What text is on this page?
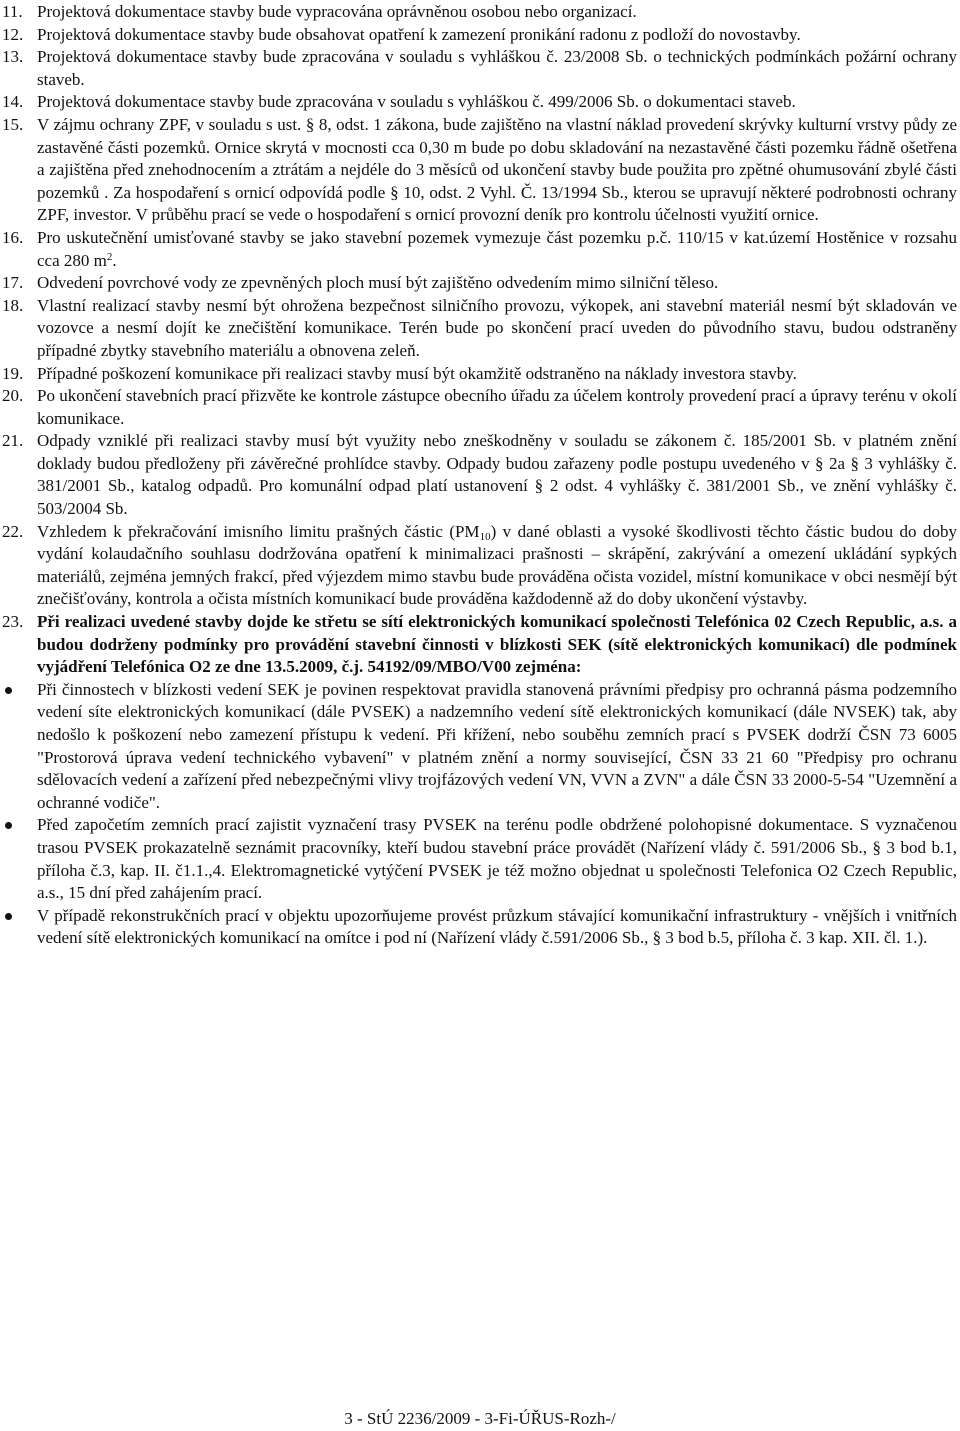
11. Projektová dokumentace stavby bude vypracována oprávněnou osobou nebo organizací.
12. Projektová dokumentace stavby bude obsahovat opatření k zamezení pronikání radonu z podloží do novostavby.
13. Projektová dokumentace stavby bude zpracována v souladu s vyhláškou č. 23/2008 Sb. o technických podmínkách požární ochrany staveb.
14. Projektová dokumentace stavby bude zpracována v souladu s vyhláškou č. 499/2006 Sb. o dokumentaci staveb.
15. V zájmu ochrany ZPF, v souladu s ust. § 8, odst. 1 zákona, bude zajištěno na vlastní náklad provedení skrývky kulturní vrstvy půdy ze zastavěné části pozemků. Ornice skrytá v mocnosti cca 0,30 m bude po dobu skladování na nezastavěné části pozemku řádně ošetřena a zajištěna před znehodnocením a ztrátám a nejdéle do 3 měsíců od ukončení stavby bude použita pro zpětné ohumusování zbylé části pozemků . Za hospodaření s ornicí odpovídá podle § 10, odst. 2 Vyhl. Č. 13/1994 Sb., kterou se upravují některé podrobnosti ochrany ZPF, investor. V průběhu prací se vede o hospodaření s ornicí provozní deník pro kontrolu účelnosti využití ornice.
16. Pro uskutečnění umisťované stavby se jako stavební pozemek vymezuje část pozemku p.č. 110/15 v kat.území Hostěnice v rozsahu cca 280 $m^2$.
17. Odvedení povrchové vody ze zpevněných ploch musí být zajištěno odvedením mimo silniční těleso.
18. Vlastní realizací stavby nesmí být ohrožena bezpečnost silničního provozu, výkopek, ani stavební materiál nesmí být skladován ve vozovce a nesmí dojít ke znečištění komunikace. Terén bude po skončení prací uveden do původního stavu, budou odstraněny případné zbytky stavebního materiálu a obnovena zeleň.
19. Případné poškození komunikace při realizaci stavby musí být okamžitě odstraněno na náklady investora stavby.
20. Po ukončení stavebních prací přizvěte ke kontrole zástupce obecního úřadu za účelem kontroly provedení prací a úpravy terénu v okolí komunikace.
21. Odpady vzniklé při realizaci stavby musí být využity nebo zneškodněny v souladu se zákonem č. 185/2001 Sb. v platném znění doklady budou předloženy při závěrečné prohlídce stavby. Odpady budou zařazeny podle postupu uvedeného v § 2a § 3 vyhlášky č. 381/2001 Sb., katalog odpadů. Pro komunální odpad platí ustanovení § 2 odst. 4 vyhlášky č. 381/2001 Sb., ve znění vyhlášky č. 503/2004 Sb.
22. Vzhledem k překračování imisního limitu prašných částic $(PM_{10})$ v dané oblasti a vysoké škodlivosti těchto částic budou do doby vydání kolaudačního souhlasu dodržována opatření k minimalizaci prašnosti – skrápění, zakrývání a omezení ukládání sypkých materiálů, zejména jemných frakcí, před výjezdem mimo stavbu bude prováděna očista vozidel, místní komunikace v obci nesmějí být znečišťovány, kontrola a očista místních komunikací bude prováděna každodenně až do doby ukončení výstavby.
23. Při realizaci uvedené stavby dojde ke střetu se sítí elektronických komunikací společnosti Telefónica 02 Czech Republic, a.s. a budou dodrženy podmínky pro provádění stavební činnosti v blízkosti SEK (sítě elektronických komunikací) dle podmínek vyjádření Telefónica O2 ze dne 13.5.2009, č.j. 54192/09/MBO/V00 zejména:
Při činnostech v blízkosti vedení SEK je povinen respektovat pravidla stanovená právními předpisy pro ochranná pásma podzemního vedení síte elektronických komunikací (dále PVSEK) a nadzemního vedení sítě elektronických komunikací (dále NVSEK) tak, aby nedošlo k poškození nebo zamezení přístupu k vedení. Při křížení, nebo souběhu zemních prací s PVSEK dodrží ČSN 73 6005 "Prostorová úprava vedení technického vybavení" v platném znění a normy související, ČSN 33 21 60 "Předpisy pro ochranu sdělovacích vedení a zařízení před nebezpečnými vlivy trojfázových vedení VN, VVN a ZVN" a dále ČSN 33 2000-5-54 "Uzemnění a ochranné vodiče".
Před započetím zemních prací zajistit vyznačení trasy PVSEK na terénu podle obdržené polohopisné dokumentace. S vyznačenou trasou PVSEK prokazatelně seznámit pracovníky, kteří budou stavební práce provádět (Nařízení vlády č. 591/2006 Sb., § 3 bod b.1, příloha č.3, kap. II. č1.1.,4. Elektromagnetické vytýčení PVSEK je též možno objednat u společnosti Telefonica O2 Czech Republic, a.s., 15 dní před zahájením prací.
V případě rekonstrukčních prací v objektu upozorňujeme provést průzkum stávající komunikační infrastruktury - vnějších i vnitřních vedení sítě elektronických komunikací na omítce i pod ní (Nařízení vlády č.591/2006 Sb., § 3 bod b.5, příloha č. 3 kap. XII. čl. 1.).
3 - StÚ 2236/2009 - 3-Fi-ÚŘUS-Rozh-/
